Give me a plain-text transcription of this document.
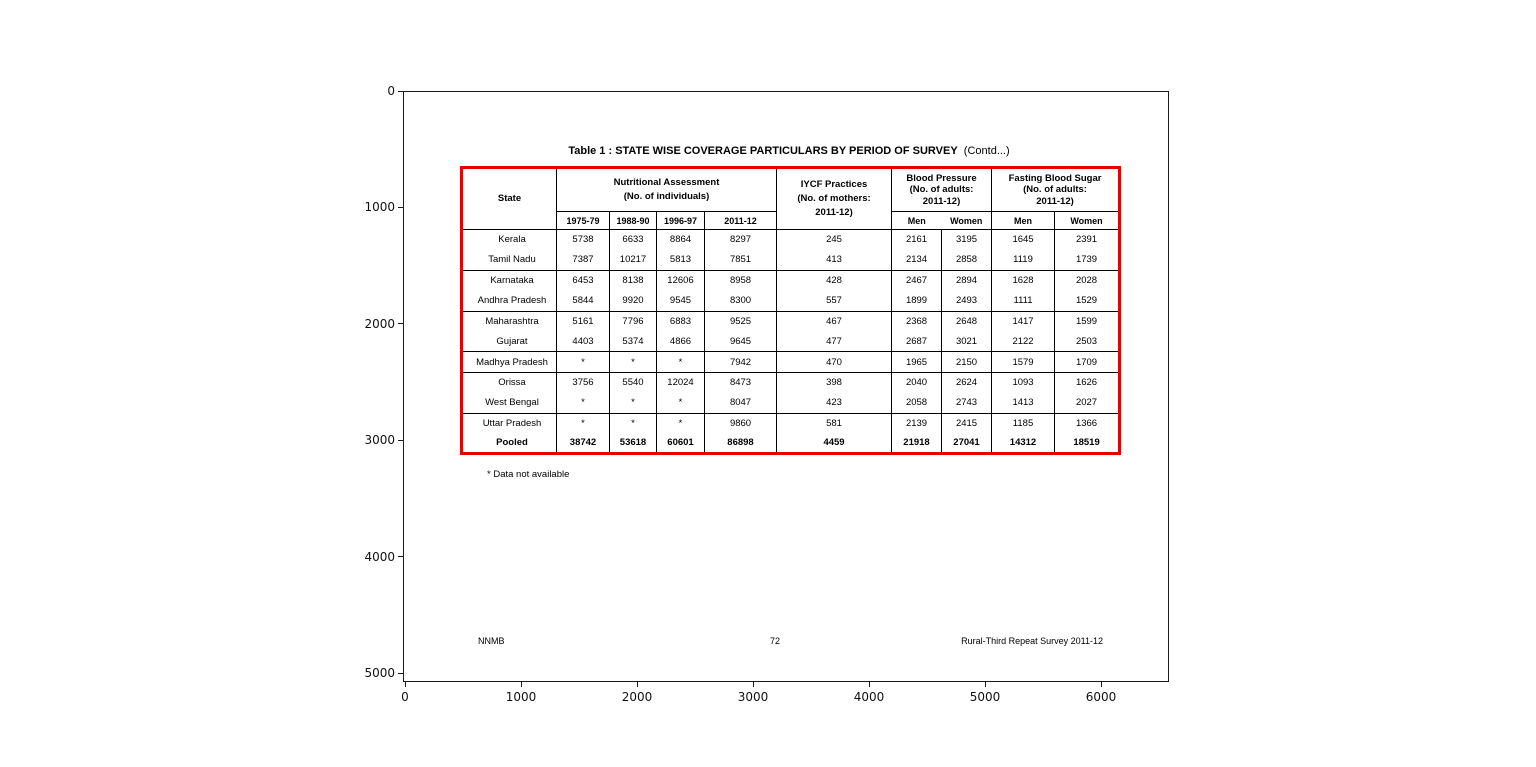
0
1000
2000
3000
4000
5000
0	1000	2000	3000	4000	5000	6000
Table 1 : STATE WISE COVERAGE PARTICULARS BY PERIOD OF SURVEY (Contd...)
State

Nutritional Assessment
(No. of individuals)

IYCF Practices
(No. of mothers:
2011-12)

Blood Pressure
(No. of adults:
2011-12)

Fasting Blood Sugar
(No. of adults:
2011-12)

	1975-79	1988-90	1996-97	2011-12		Men	Women	Men	Women
Kerala	5738	6633	8864	8297	245	2161	3195	1645	2391
Tamil Nadu	7387	10217	5813	7851	413	2134	2858	1119	1739
Karnataka	6453	8138	12606	8958	428	2467	2894	1628	2028
Andhra Pradesh	5844	9920	9545	8300	557	1899	2493	1111	1529
Maharashtra	5161	7796	6883	9525	467	2368	2648	1417	1599
Gujarat	4403	5374	4866	9645	477	2687	3021	2122	2503
Madhya Pradesh	*	*	*	7942	470	1965	2150	1579	1709
Orissa	3756	5540	12024	8473	398	2040	2624	1093	1626
West Bengal	*	*	*	8047	423	2058	2743	1413	2027
Uttar Pradesh	*	*	*	9860	581	2139	2415	1185	1366
Pooled	38742	53618	60601	86898	4459	21918	27041	14312	18519
* Data not available
NNMB	72	Rural-Third Repeat Survey 2011-12
